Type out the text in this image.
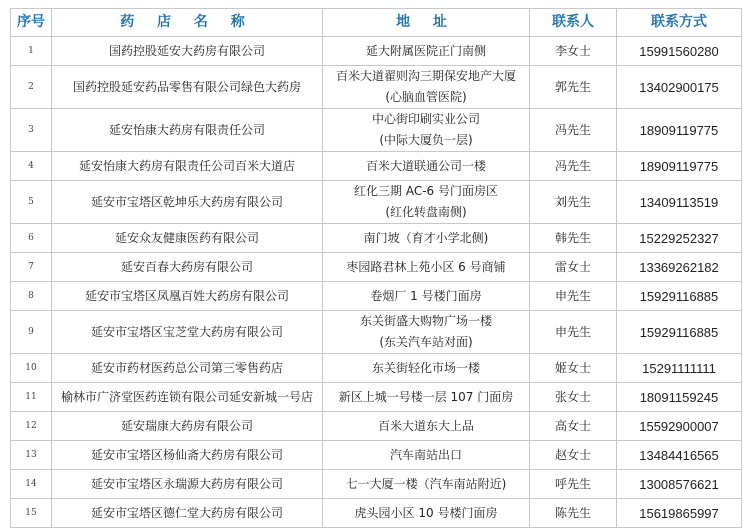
序号	药 店 名 称	地 址	联系人	联系方式
1	国药控股延安大药房有限公司	延大附属医院正门南侧	李女士	15991560280
2	国药控股延安药品零售有限公司绿色大药房	百米大道翟则沟三期保安地产大厦
(心脑血管医院)	郭先生	13402900175
3	延安怡康大药房有限责任公司	中心街印刷实业公司
(中际大厦负一层)	冯先生	18909119775
4	延安怡康大药房有限责任公司百米大道店	百米大道联通公司一楼	冯先生	18909119775
5	延安市宝塔区乾坤乐大药房有限公司	红化三期 AC-6 号门面房区
(红化转盘南侧)	刘先生	13409113519
6	延安众友健康医药有限公司	南门坡（育才小学北侧)	韩先生	15229252327
7	延安百春大药房有限公司	枣园路君林上苑小区 6 号商铺	雷女士	13369262182
8	延安市宝塔区凤凰百姓大药房有限公司	卷烟厂 1 号楼门面房	申先生	15929116885
9	延安市宝塔区宝芝堂大药房有限公司	东关街盛大购物广场一楼
(东关汽车站对面)	申先生	15929116885
10	延安市药材医药总公司第三零售药店	东关街轻化市场一楼	姬女士	15291111111
11	榆林市广济堂医药连锁有限公司延安新城一号店	新区上城一号楼一层 107 门面房	张女士	18091159245
12	延安瑞康大药房有限公司	百米大道东大上品	高女士	15592900007
13	延安市宝塔区杨仙斋大药房有限公司	汽车南站出口	赵女士	13484416565
14	延安市宝塔区永瑞源大药房有限公司	七一大厦一楼（汽车南站附近)	呼先生	13008576621
15	延安市宝塔区德仁堂大药房有限公司	虎头园小区 10 号楼门面房	陈先生	15619865997
